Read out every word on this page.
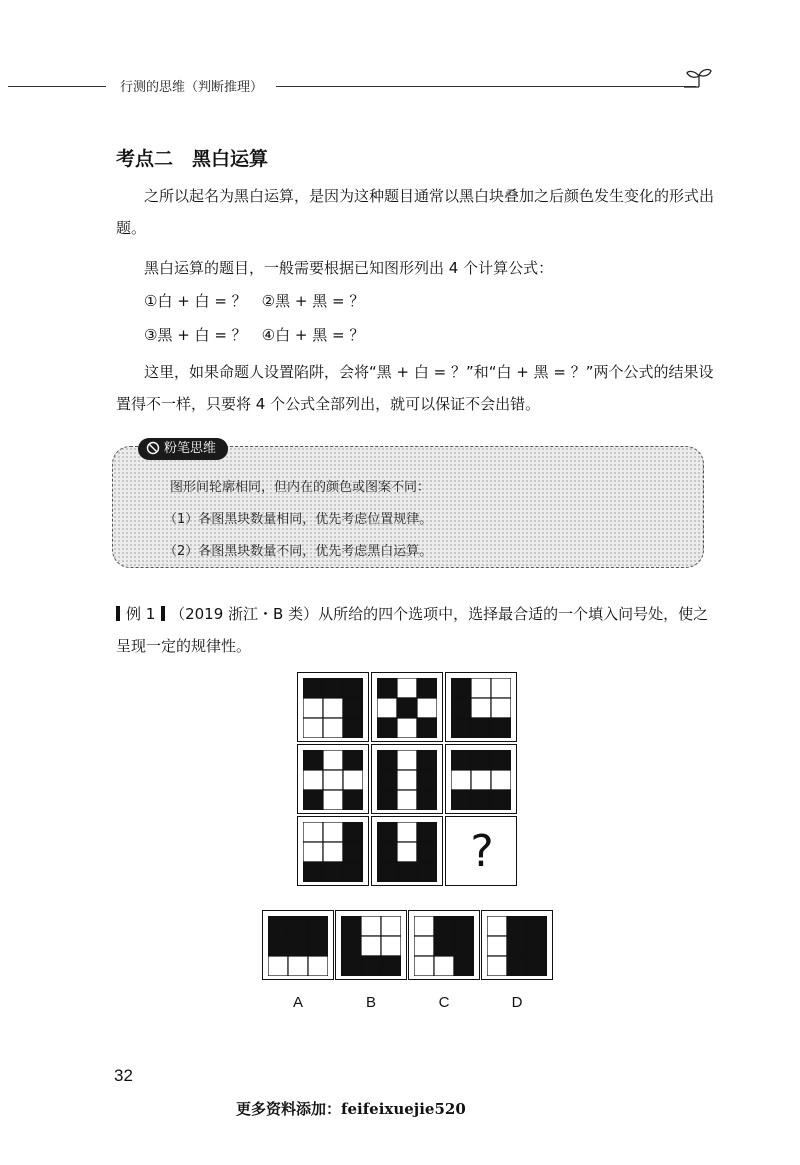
行测的思维（判断推理）
考点二　黑白运算
之所以起名为黑白运算，是因为这种题目通常以黑白块叠加之后颜色发生变化的形式出题。
黑白运算的题目，一般需要根据已知图形列出 4 个计算公式：
①白 + 白 = ？　②黑 + 黑 = ？
③黑 + 白 = ？　④白 + 黑 = ？
这里，如果命题人设置陷阱，会将“黑 + 白 = ？”和“白 + 黑 = ？”两个公式的结果设置得不一样，只要将 4 个公式全部列出，就可以保证不会出错。
粉笔思维
图形间轮廓相同，但内在的颜色或图案不同：
（1）各图黑块数量相同，优先考虑位置规律。
（2）各图黑块数量不同，优先考虑黑白运算。
例 1 （2019 浙江・B 类）从所给的四个选项中，选择最合适的一个填入问号处，使之呈现一定的规律性。
?
A	B	C	D
32
更多资料添加：feifeixuejie520
